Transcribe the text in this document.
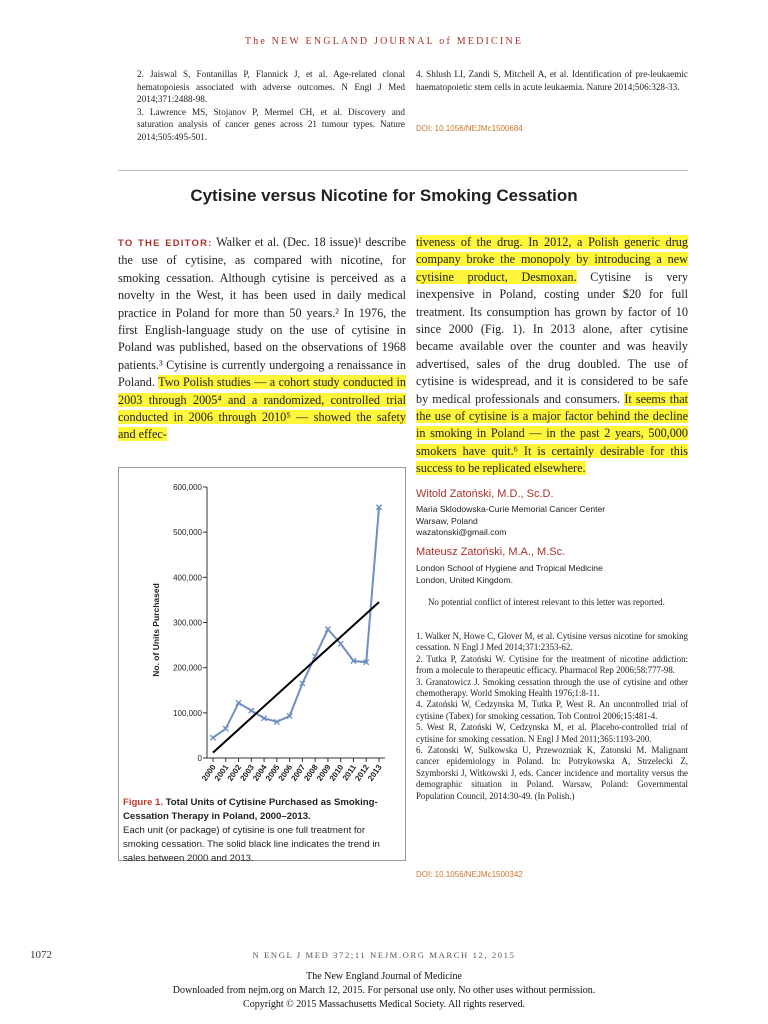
The NEW ENGLAND JOURNAL of MEDICINE

2. Jaiswal S, Fontanillas P, Flannick J, et al. Age-related clonal hematopoiesis associated with adverse outcomes. N Engl J Med 2014;371:2488-98.

3. Lawrence MS, Stojanov P, Mermel CH, et al. Discovery and saturation analysis of cancer genes across 21 tumour types. Nature 2014;505:495-501.

4. Shlush LI, Zandi S, Mitchell A, et al. Identification of pre-leukaemic haematopoietic stem cells in acute leukaemia. Nature 2014;506:328-33.

DOI: 10.1056/NEJMc1500684
Cytisine versus Nicotine for Smoking Cessation

TO THE EDITOR: Walker et al. (Dec. 18 issue)¹ describe the use of cytisine, as compared with nicotine, for smoking cessation. Although cytisine is perceived as a novelty in the West, it has been used in daily medical practice in Poland for more than 50 years.² In 1976, the first English-language study on the use of cytisine in Poland was published, based on the observations of 1968 patients.³ Cytisine is currently undergoing a renaissance in Poland. Two Polish studies — a cohort study conducted in 2003 through 2005⁴ and a randomized, controlled trial conducted in 2006 through 2010⁵ — showed the safety and effec-

tiveness of the drug. In 2012, a Polish generic drug company broke the monopoly by introducing a new cytisine product, Desmoxan. Cytisine is very inexpensive in Poland, costing under $20 for full treatment. Its consumption has grown by factor of 10 since 2000 (Fig. 1). In 2013 alone, after cytisine became available over the counter and was heavily advertised, sales of the drug doubled. The use of cytisine is widespread, and it is considered to be safe by medical professionals and consumers. It seems that the use of cytisine is a major factor behind the decline in smoking in Poland — in the past 2 years, 500,000 smokers have quit.⁶ It is certainly desirable for this success to be replicated elsewhere.

No. of Units Purchased
0
100,000
200,000
300,000
400,000
500,000
600,000
2000
2001
2002
2003
2004
2005
2006
2007
2008
2009
2010
2011
2012
2013
Figure 1. Total Units of Cytisine Purchased as Smoking-Cessation Therapy in Poland, 2000–2013.
Each unit (or package) of cytisine is one full treatment for smoking cessation. The solid black line indicates the trend in sales between 2000 and 2013.
Witold Zatoński, M.D., Sc.D.
Maria Sklodowska-Curie Memorial Cancer Center
Warsaw, Poland
wazatonski@gmail.com
Mateusz Zatoński, M.A., M.Sc.
London School of Hygiene and Tropical Medicine
London, United Kingdom.
No potential conflict of interest relevant to this letter was reported.

1. Walker N, Howe C, Glover M, et al. Cytisine versus nicotine for smoking cessation. N Engl J Med 2014;371:2353-62.

2. Tutka P, Zatoński W. Cytisine for the treatment of nicotine addiction: from a molecule to therapeutic efficacy. Pharmacol Rep 2006;58:777-98.

3. Granatowicz J. Smoking cessation through the use of cytisine and other chemotherapy. World Smoking Health 1976;1:8-11.

4. Zatoński W, Cedzynska M, Tutka P, West R. An uncontrolled trial of cytisine (Tabex) for smoking cessation. Tob Control 2006;15:481-4.

5. West R, Zatoński W, Cedzynska M, et al. Placebo-controlled trial of cytisine for smoking cessation. N Engl J Med 2011;365:1193-200.

6. Zatonski W, Sulkowska U, Przewozniak K, Zatonski M. Malignant cancer epidemiology in Poland. In: Potrykowska A, Strzelecki Z, Szymborski J, Witkowski J, eds. Cancer incidence and mortality versus the demographic situation in Poland. Warsaw, Poland: Governmental Population Council, 2014:30-49. (In Polish.)

DOI: 10.1056/NEJMc1500342
1072	N ENGL J MED 372;11 NEJM.ORG MARCH 12, 2015
The New England Journal of Medicine
Downloaded from nejm.org on March 12, 2015. For personal use only. No other uses without permission.
Copyright © 2015 Massachusetts Medical Society. All rights reserved.
